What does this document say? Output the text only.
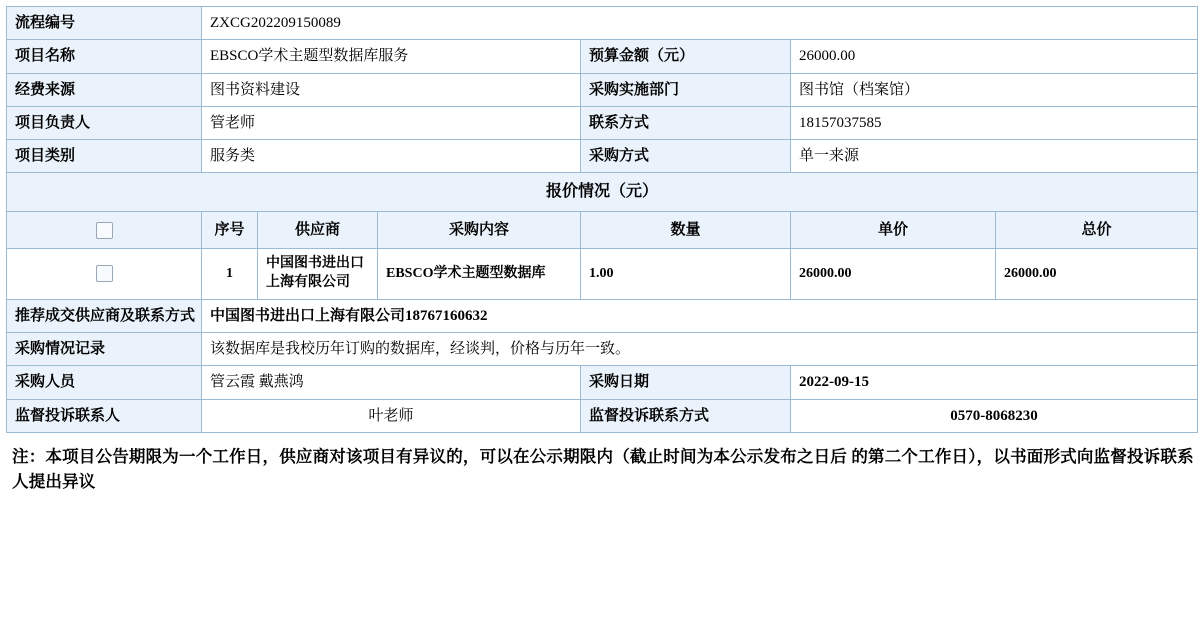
流程编号	ZXCG202209150089					
项目名称	EBSCO学术主题型数据库服务			预算金额（元）	26000.00	
经费来源	图书资料建设			采购实施部门	图书馆（档案馆）	
项目负责人	管老师			联系方式	18157037585	
项目类别	服务类			采购方式	单一来源	
报价情况（元）						
	序号	供应商	采购内容	数量	单价	总价
	1	中国图书进出口上海有限公司	EBSCO学术主题型数据库	1.00	26000.00	26000.00
推荐成交供应商及联系方式	中国图书进出口上海有限公司18767160632					
采购情况记录	该数据库是我校历年订购的数据库，经谈判，价格与历年一致。					
采购人员	管云霞 戴燕鸿			采购日期	2022-09-15	
监督投诉联系人	叶老师			监督投诉联系方式	0570-8068230	
注：本项目公告期限为一个工作日，供应商对该项目有异议的，可以在公示期限内（截止时间为本公示发布之日后 的第二个工作日），以书面形式向监督投诉联系人提出异议
